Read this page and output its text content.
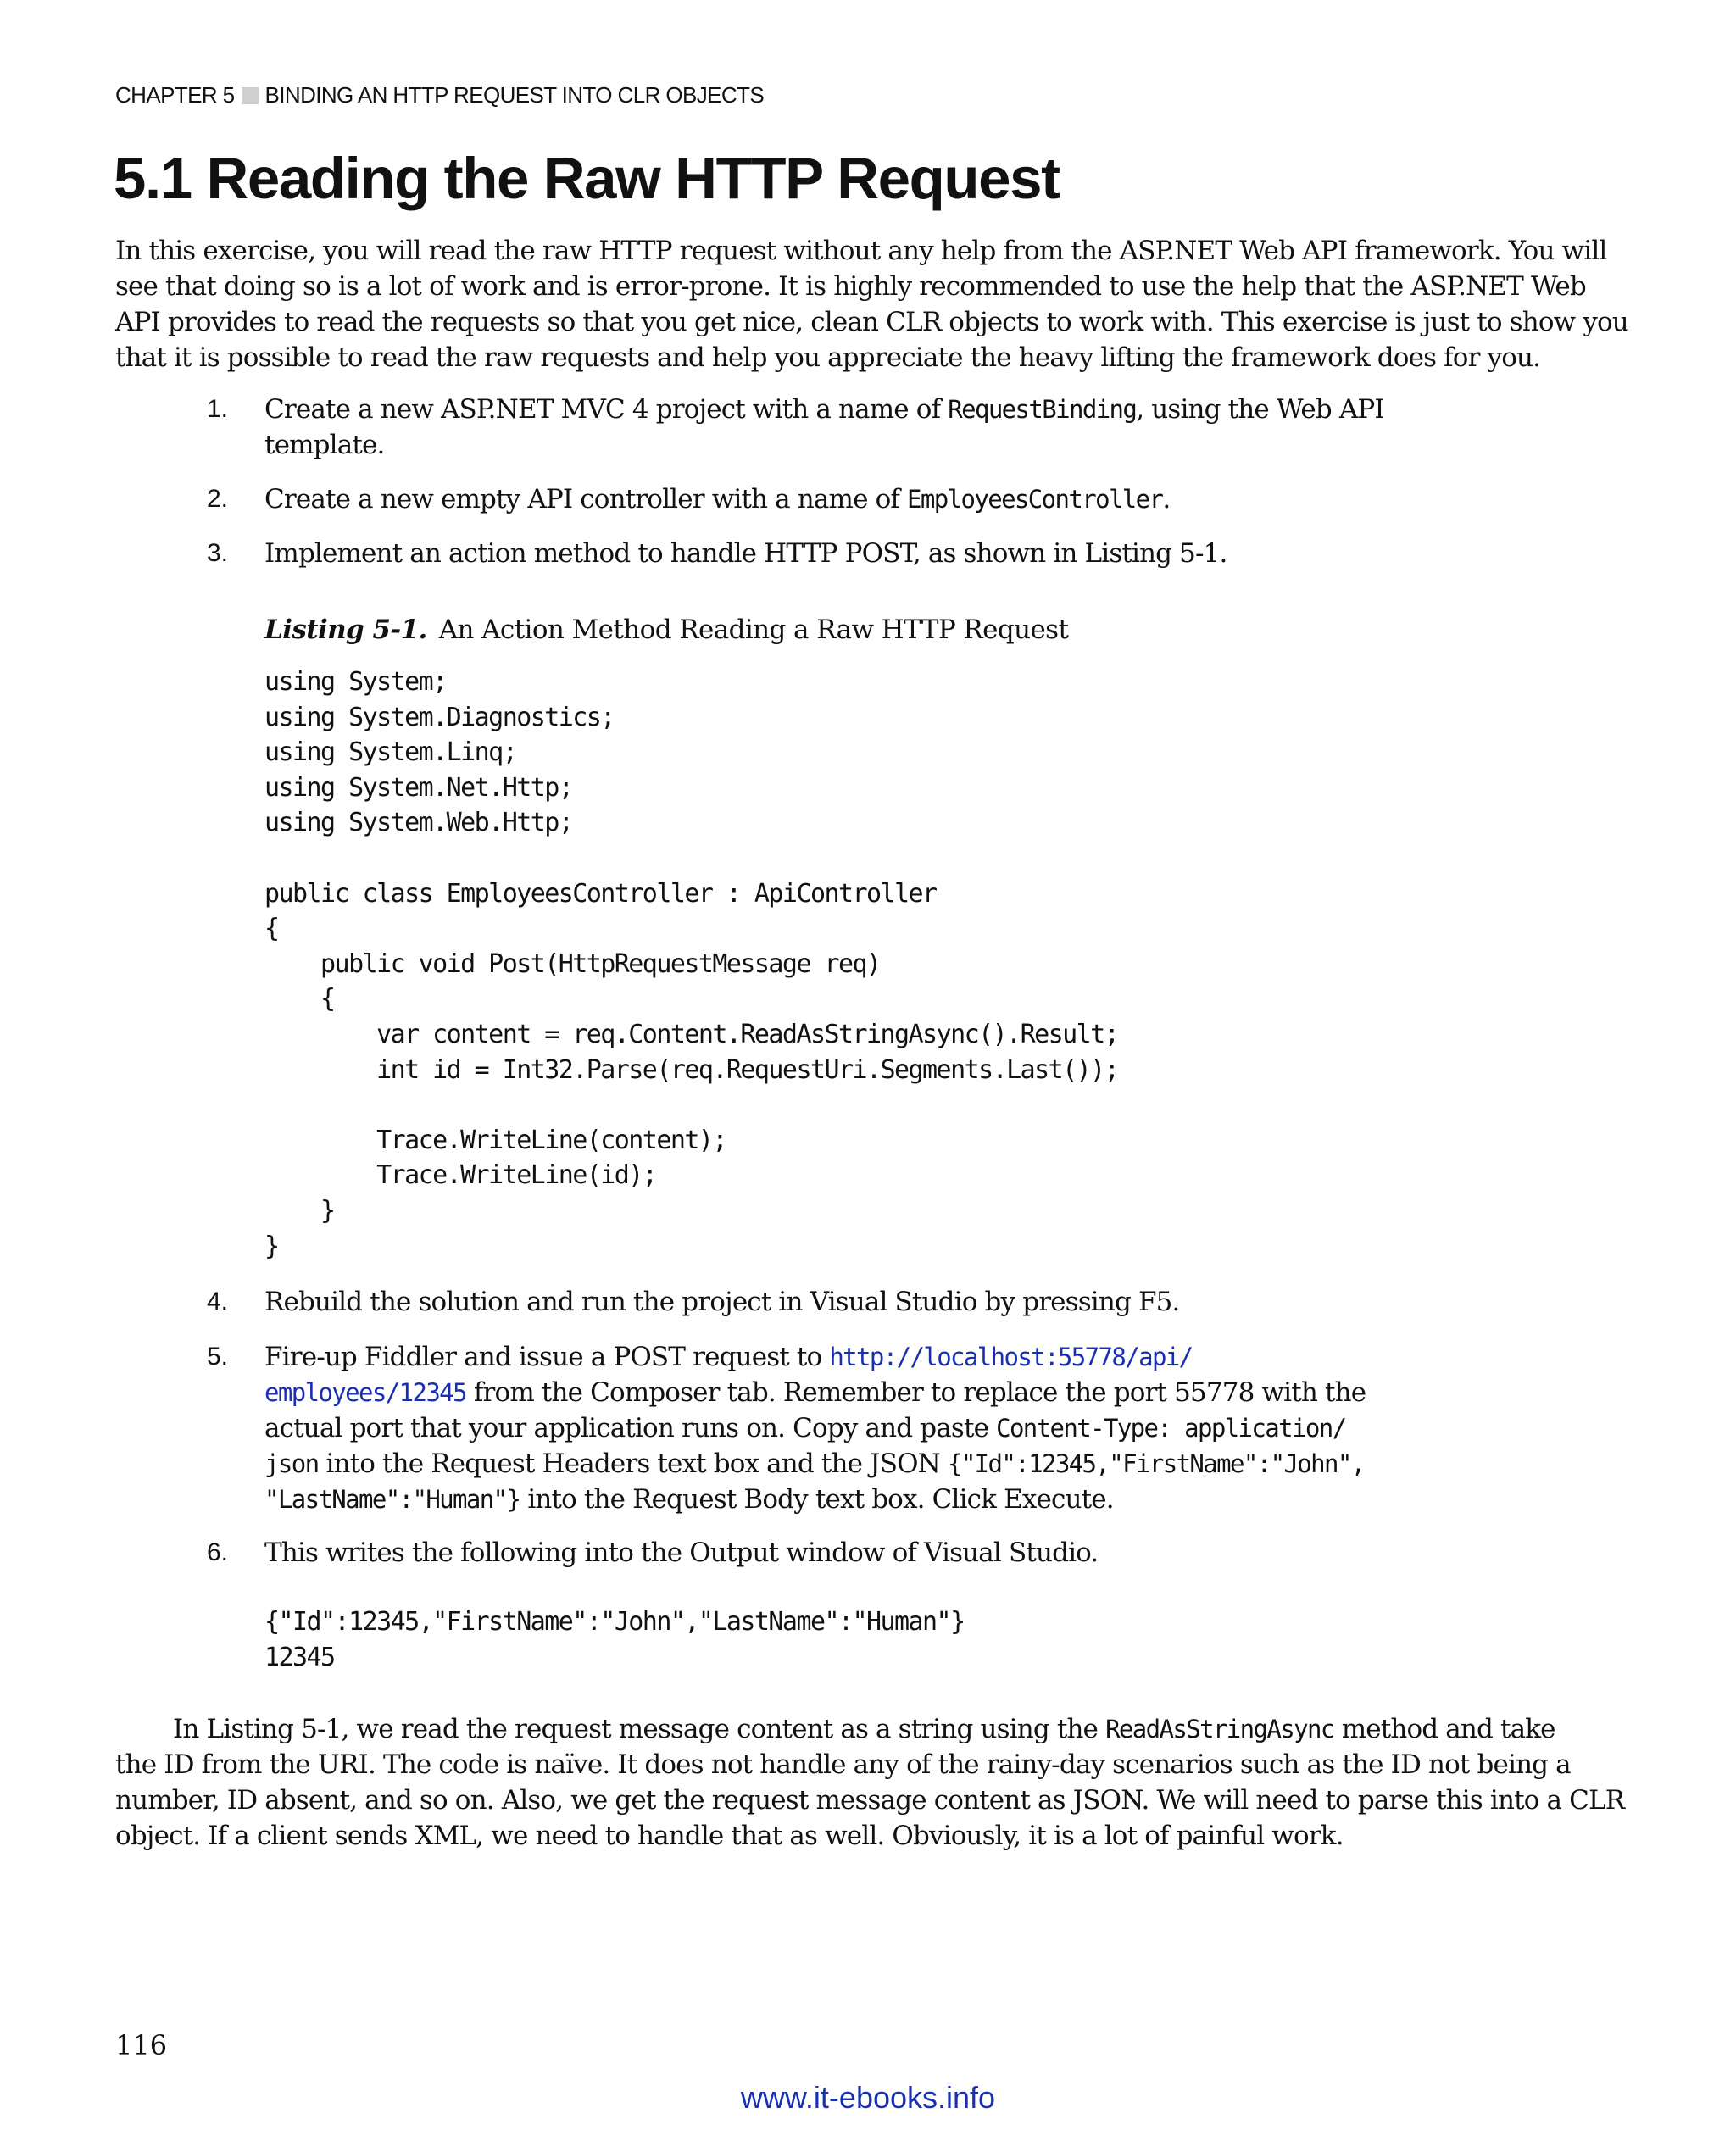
CHAPTER 5 BINDING AN HTTP REQUEST INTO CLR OBJECTS
5.1 Reading the Raw HTTP Request

In this exercise, you will read the raw HTTP request without any help from the ASP.NET Web API framework. You will
see that doing so is a lot of work and is error-prone. It is highly recommended to use the help that the ASP.NET Web
API provides to read the requests so that you get nice, clean CLR objects to work with. This exercise is just to show you
that it is possible to read the raw requests and help you appreciate the heavy lifting the framework does for you.

1. Create a new ASP.NET MVC 4 project with a name of RequestBinding, using the Web API
template.

2. Create a new empty API controller with a name of EmployeesController.

3. Implement an action method to handle HTTP POST, as shown in Listing 5-1.

Listing 5-1. An Action Method Reading a Raw HTTP Request
using System;
using System.Diagnostics;
using System.Linq;
using System.Net.Http;
using System.Web.Http;

public class EmployeesController : ApiController
{
public void Post(HttpRequestMessage req)
{
var content = req.Content.ReadAsStringAsync().Result;
int id = Int32.Parse(req.RequestUri.Segments.Last());

Trace.WriteLine(content);
Trace.WriteLine(id);
}
}
4. Rebuild the solution and run the project in Visual Studio by pressing F5.

5. Fire-up Fiddler and issue a POST request to http://localhost:55778/api/
employees/12345 from the Composer tab. Remember to replace the port 55778 with the
actual port that your application runs on. Copy and paste Content-Type: application/
json into the Request Headers text box and the JSON {"Id":12345,"FirstName":"John",
"LastName":"Human"} into the Request Body text box. Click Execute.

6. This writes the following into the Output window of Visual Studio.

{"Id":12345,"FirstName":"John","LastName":"Human"}
12345

In Listing 5-1, we read the request message content as a string using the ReadAsStringAsync method and take
the ID from the URI. The code is naïve. It does not handle any of the rainy-day scenarios such as the ID not being a
number, ID absent, and so on. Also, we get the request message content as JSON. We will need to parse this into a CLR
object. If a client sends XML, we need to handle that as well. Obviously, it is a lot of painful work.

116
www.it-ebooks.info
